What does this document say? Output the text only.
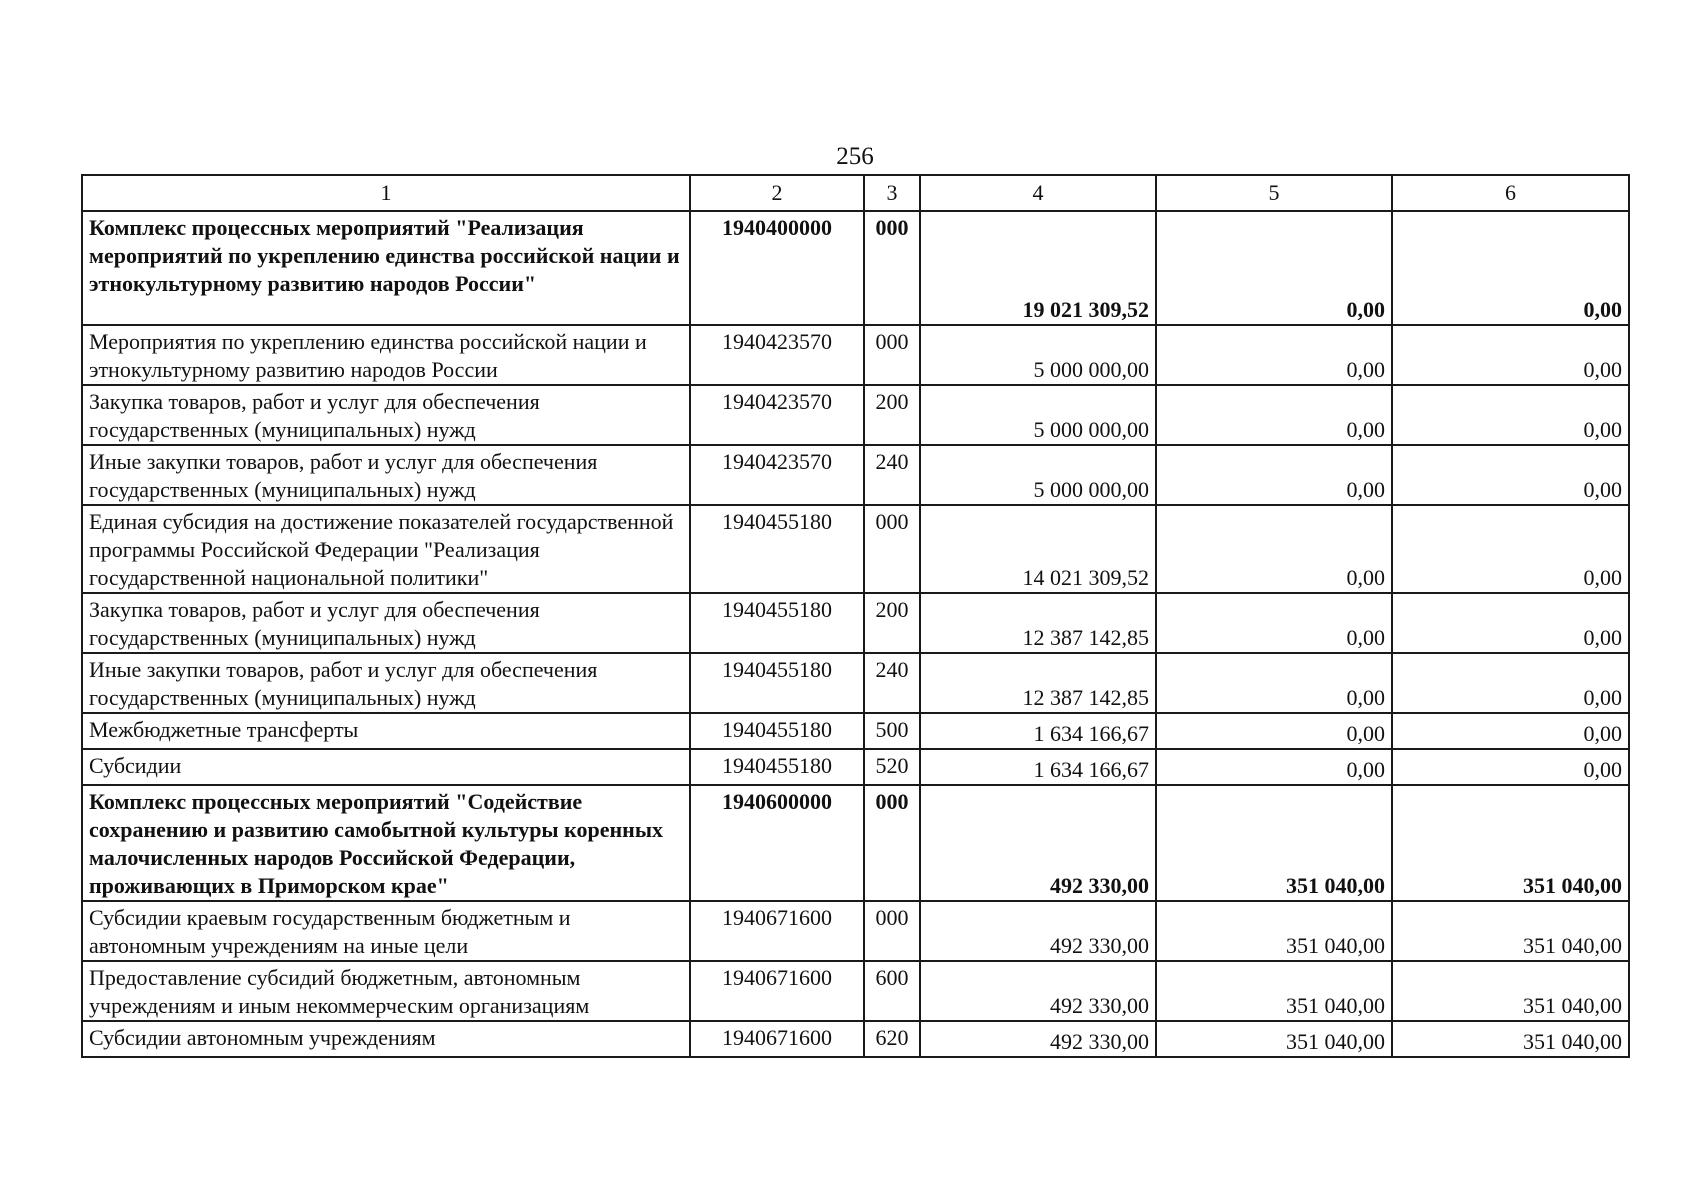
256
1	2	3	4	5	6
Комплекс процессных мероприятий "Реализация мероприятий по укреплению единства российской нации и этнокультурному развитию народов России"	1940400000	000	19 021 309,52	0,00	0,00
Мероприятия по укреплению единства российской нации и этнокультурному развитию народов России	1940423570	000	5 000 000,00	0,00	0,00
Закупка товаров, работ и услуг для обеспечения государственных (муниципальных) нужд	1940423570	200	5 000 000,00	0,00	0,00
Иные закупки товаров, работ и услуг для обеспечения государственных (муниципальных) нужд	1940423570	240	5 000 000,00	0,00	0,00
Единая субсидия на достижение показателей государственной программы Российской Федерации "Реализация государственной национальной политики"	1940455180	000	14 021 309,52	0,00	0,00
Закупка товаров, работ и услуг для обеспечения государственных (муниципальных) нужд	1940455180	200	12 387 142,85	0,00	0,00
Иные закупки товаров, работ и услуг для обеспечения государственных (муниципальных) нужд	1940455180	240	12 387 142,85	0,00	0,00
Межбюджетные трансферты	1940455180	500	1 634 166,67	0,00	0,00
Субсидии	1940455180	520	1 634 166,67	0,00	0,00
Комплекс процессных мероприятий "Содействие сохранению и развитию самобытной культуры коренных малочисленных народов Российской Федерации, проживающих в Приморском крае"	1940600000	000	492 330,00	351 040,00	351 040,00
Субсидии краевым государственным бюджетным и автономным учреждениям на иные цели	1940671600	000	492 330,00	351 040,00	351 040,00
Предоставление субсидий бюджетным, автономным учреждениям и иным некоммерческим организациям	1940671600	600	492 330,00	351 040,00	351 040,00
Субсидии автономным учреждениям	1940671600	620	492 330,00	351 040,00	351 040,00
